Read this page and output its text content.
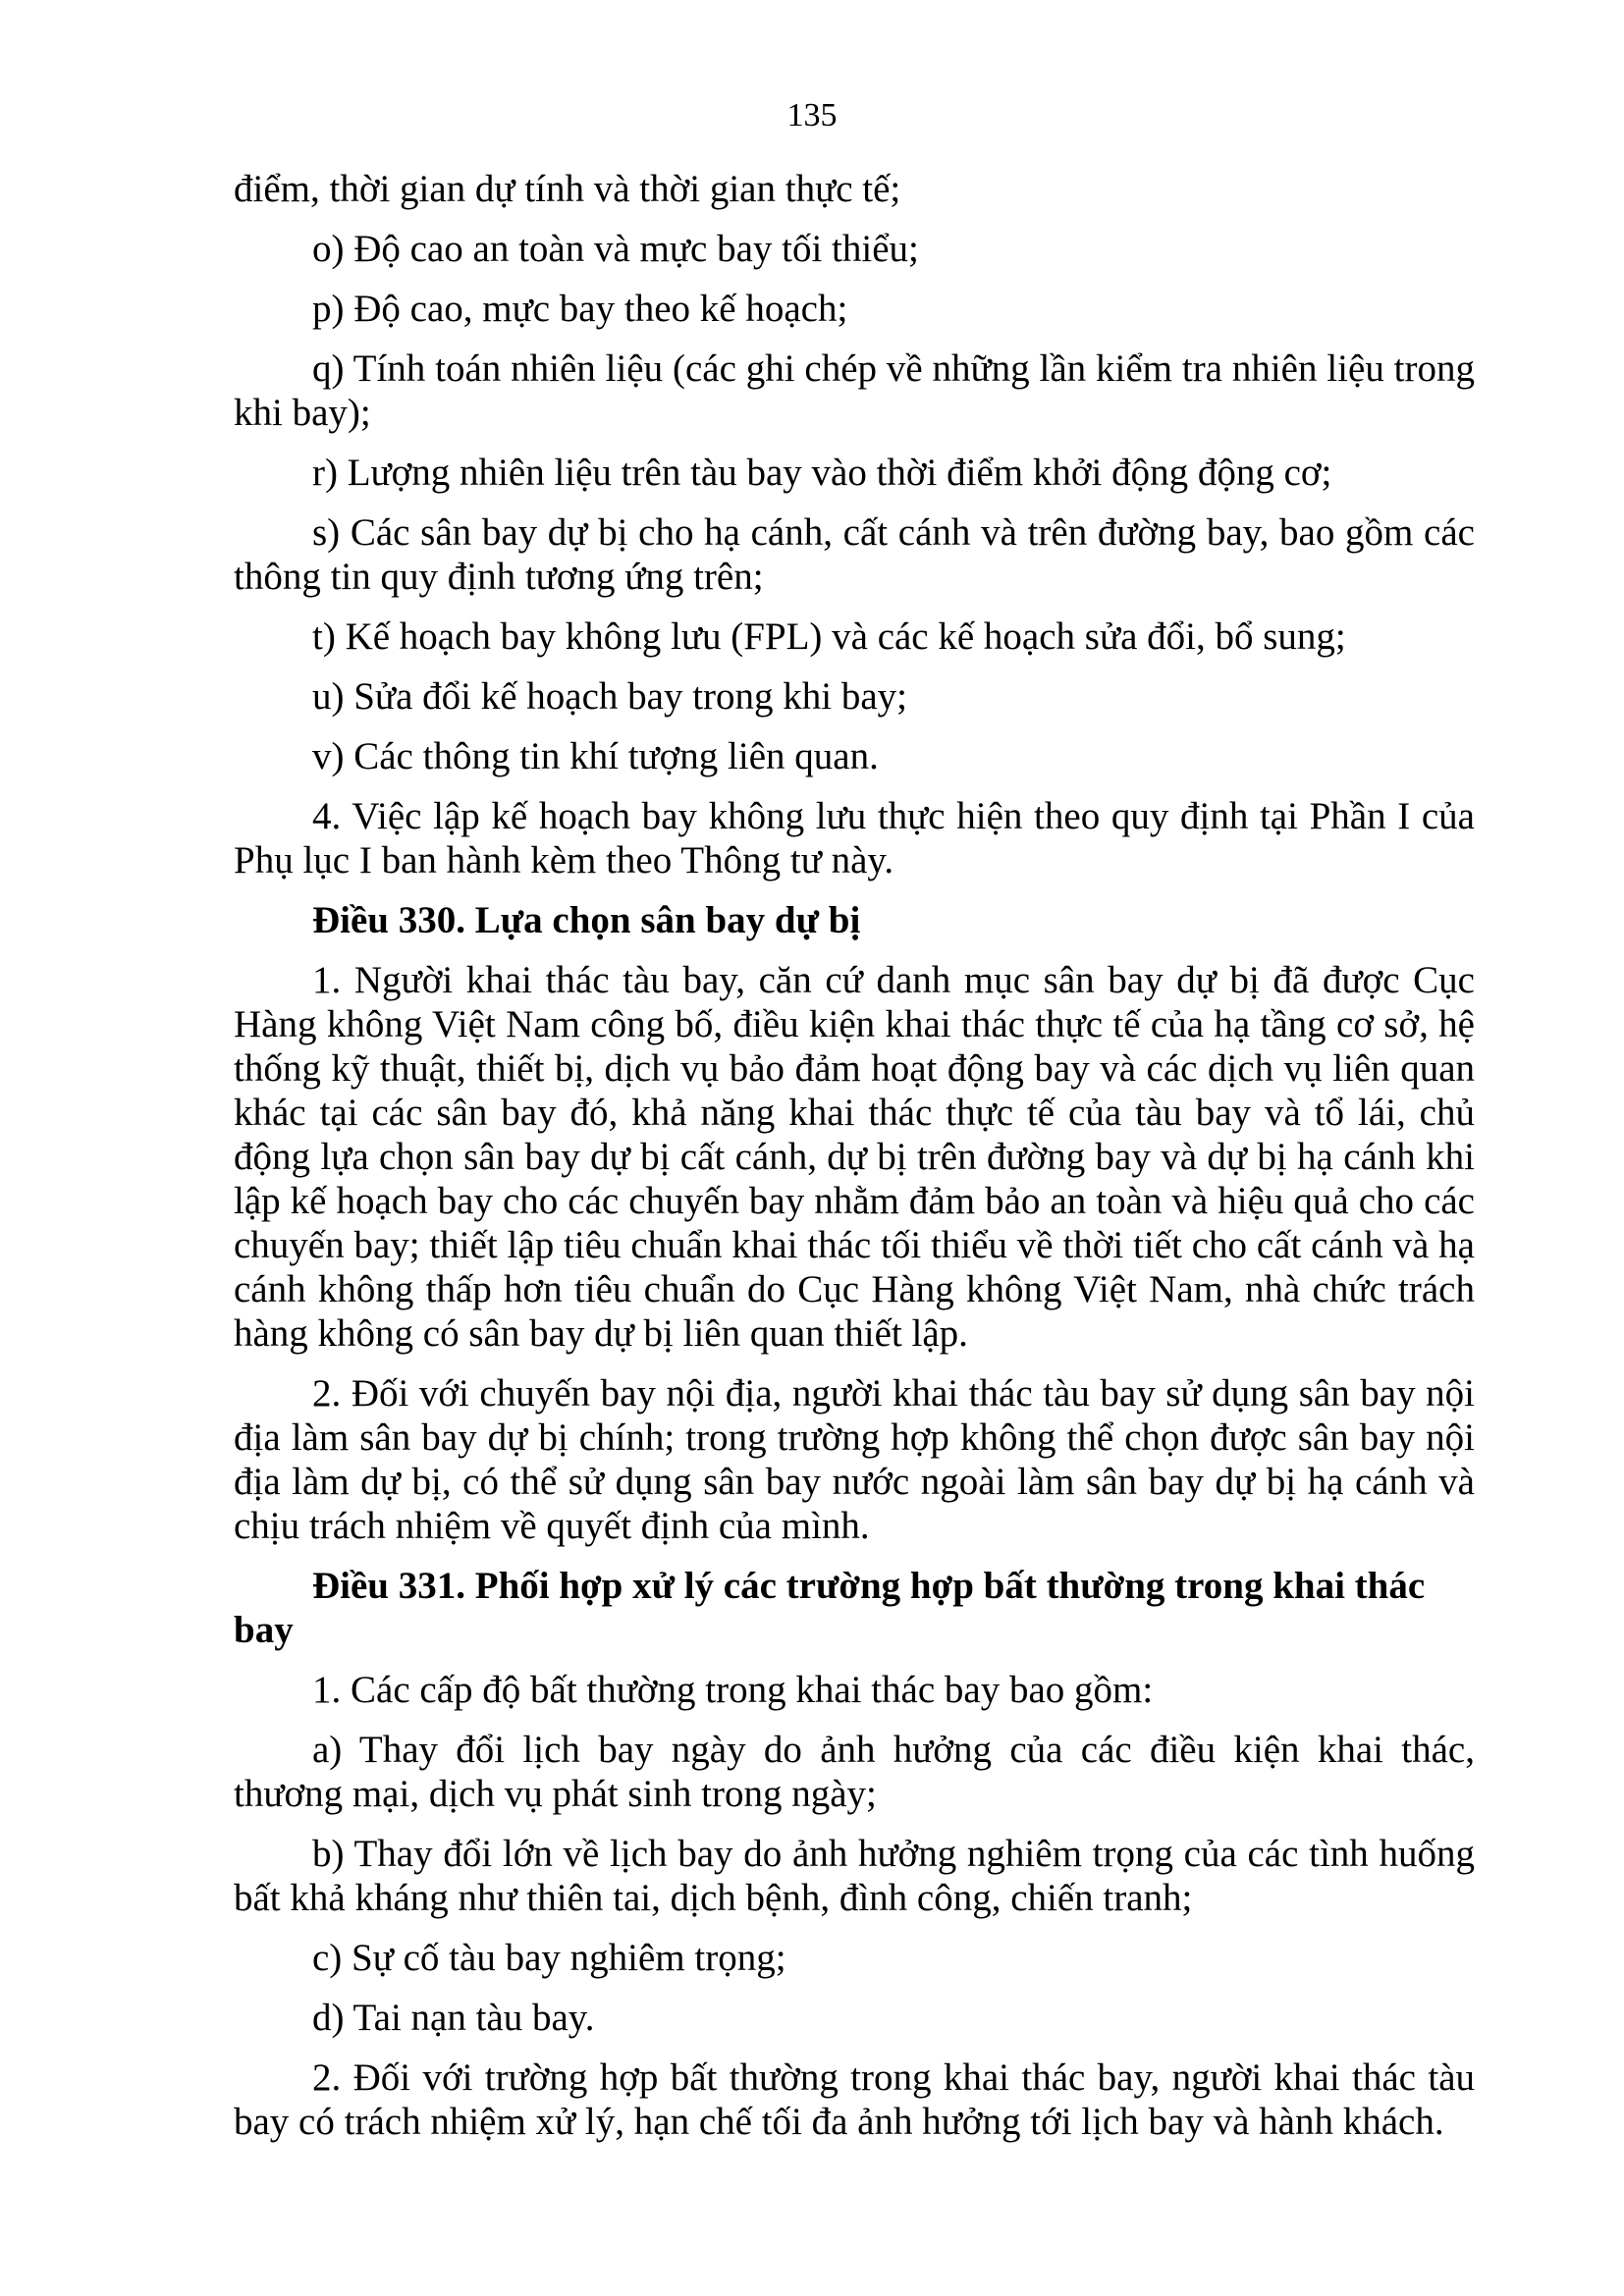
135

điểm, thời gian dự tính và thời gian thực tế;

o) Độ cao an toàn và mực bay tối thiểu;

p) Độ cao, mực bay theo kế hoạch;

q) Tính toán nhiên liệu (các ghi chép về những lần kiểm tra nhiên liệu trong khi bay);

r) Lượng nhiên liệu trên tàu bay vào thời điểm khởi động động cơ;

s) Các sân bay dự bị cho hạ cánh, cất cánh và trên đường bay, bao gồm các thông tin quy định tương ứng trên;

t) Kế hoạch bay không lưu (FPL) và các kế hoạch sửa đổi, bổ sung;

u) Sửa đổi kế hoạch bay trong khi bay;

v) Các thông tin khí tượng liên quan.

4. Việc lập kế hoạch bay không lưu thực hiện theo quy định tại Phần I của Phụ lục I ban hành kèm theo Thông tư này.

Điều 330. Lựa chọn sân bay dự bị

1. Người khai thác tàu bay, căn cứ danh mục sân bay dự bị đã được Cục Hàng không Việt Nam công bố, điều kiện khai thác thực tế của hạ tầng cơ sở, hệ thống kỹ thuật, thiết bị, dịch vụ bảo đảm hoạt động bay và các dịch vụ liên quan khác tại các sân bay đó, khả năng khai thác thực tế của tàu bay và tổ lái, chủ động lựa chọn sân bay dự bị cất cánh, dự bị trên đường bay và dự bị hạ cánh khi lập kế hoạch bay cho các chuyến bay nhằm đảm bảo an toàn và hiệu quả cho các chuyến bay; thiết lập tiêu chuẩn khai thác tối thiểu về thời tiết cho cất cánh và hạ cánh không thấp hơn tiêu chuẩn do Cục Hàng không Việt Nam, nhà chức trách hàng không có sân bay dự bị liên quan thiết lập.

2. Đối với chuyến bay nội địa, người khai thác tàu bay sử dụng sân bay nội địa làm sân bay dự bị chính; trong trường hợp không thể chọn được sân bay nội địa làm dự bị, có thể sử dụng sân bay nước ngoài làm sân bay dự bị hạ cánh và chịu trách nhiệm về quyết định của mình.

Điều 331. Phối hợp xử lý các trường hợp bất thường trong khai thác bay

1. Các cấp độ bất thường trong khai thác bay bao gồm:

a) Thay đổi lịch bay ngày do ảnh hưởng của các điều kiện khai thác, thương mại, dịch vụ phát sinh trong ngày;

b) Thay đổi lớn về lịch bay do ảnh hưởng nghiêm trọng của các tình huống bất khả kháng như thiên tai, dịch bệnh, đình công, chiến tranh;

c) Sự cố tàu bay nghiêm trọng;

d) Tai nạn tàu bay.

2. Đối với trường hợp bất thường trong khai thác bay, người khai thác tàu bay có trách nhiệm xử lý, hạn chế tối đa ảnh hưởng tới lịch bay và hành khách.
